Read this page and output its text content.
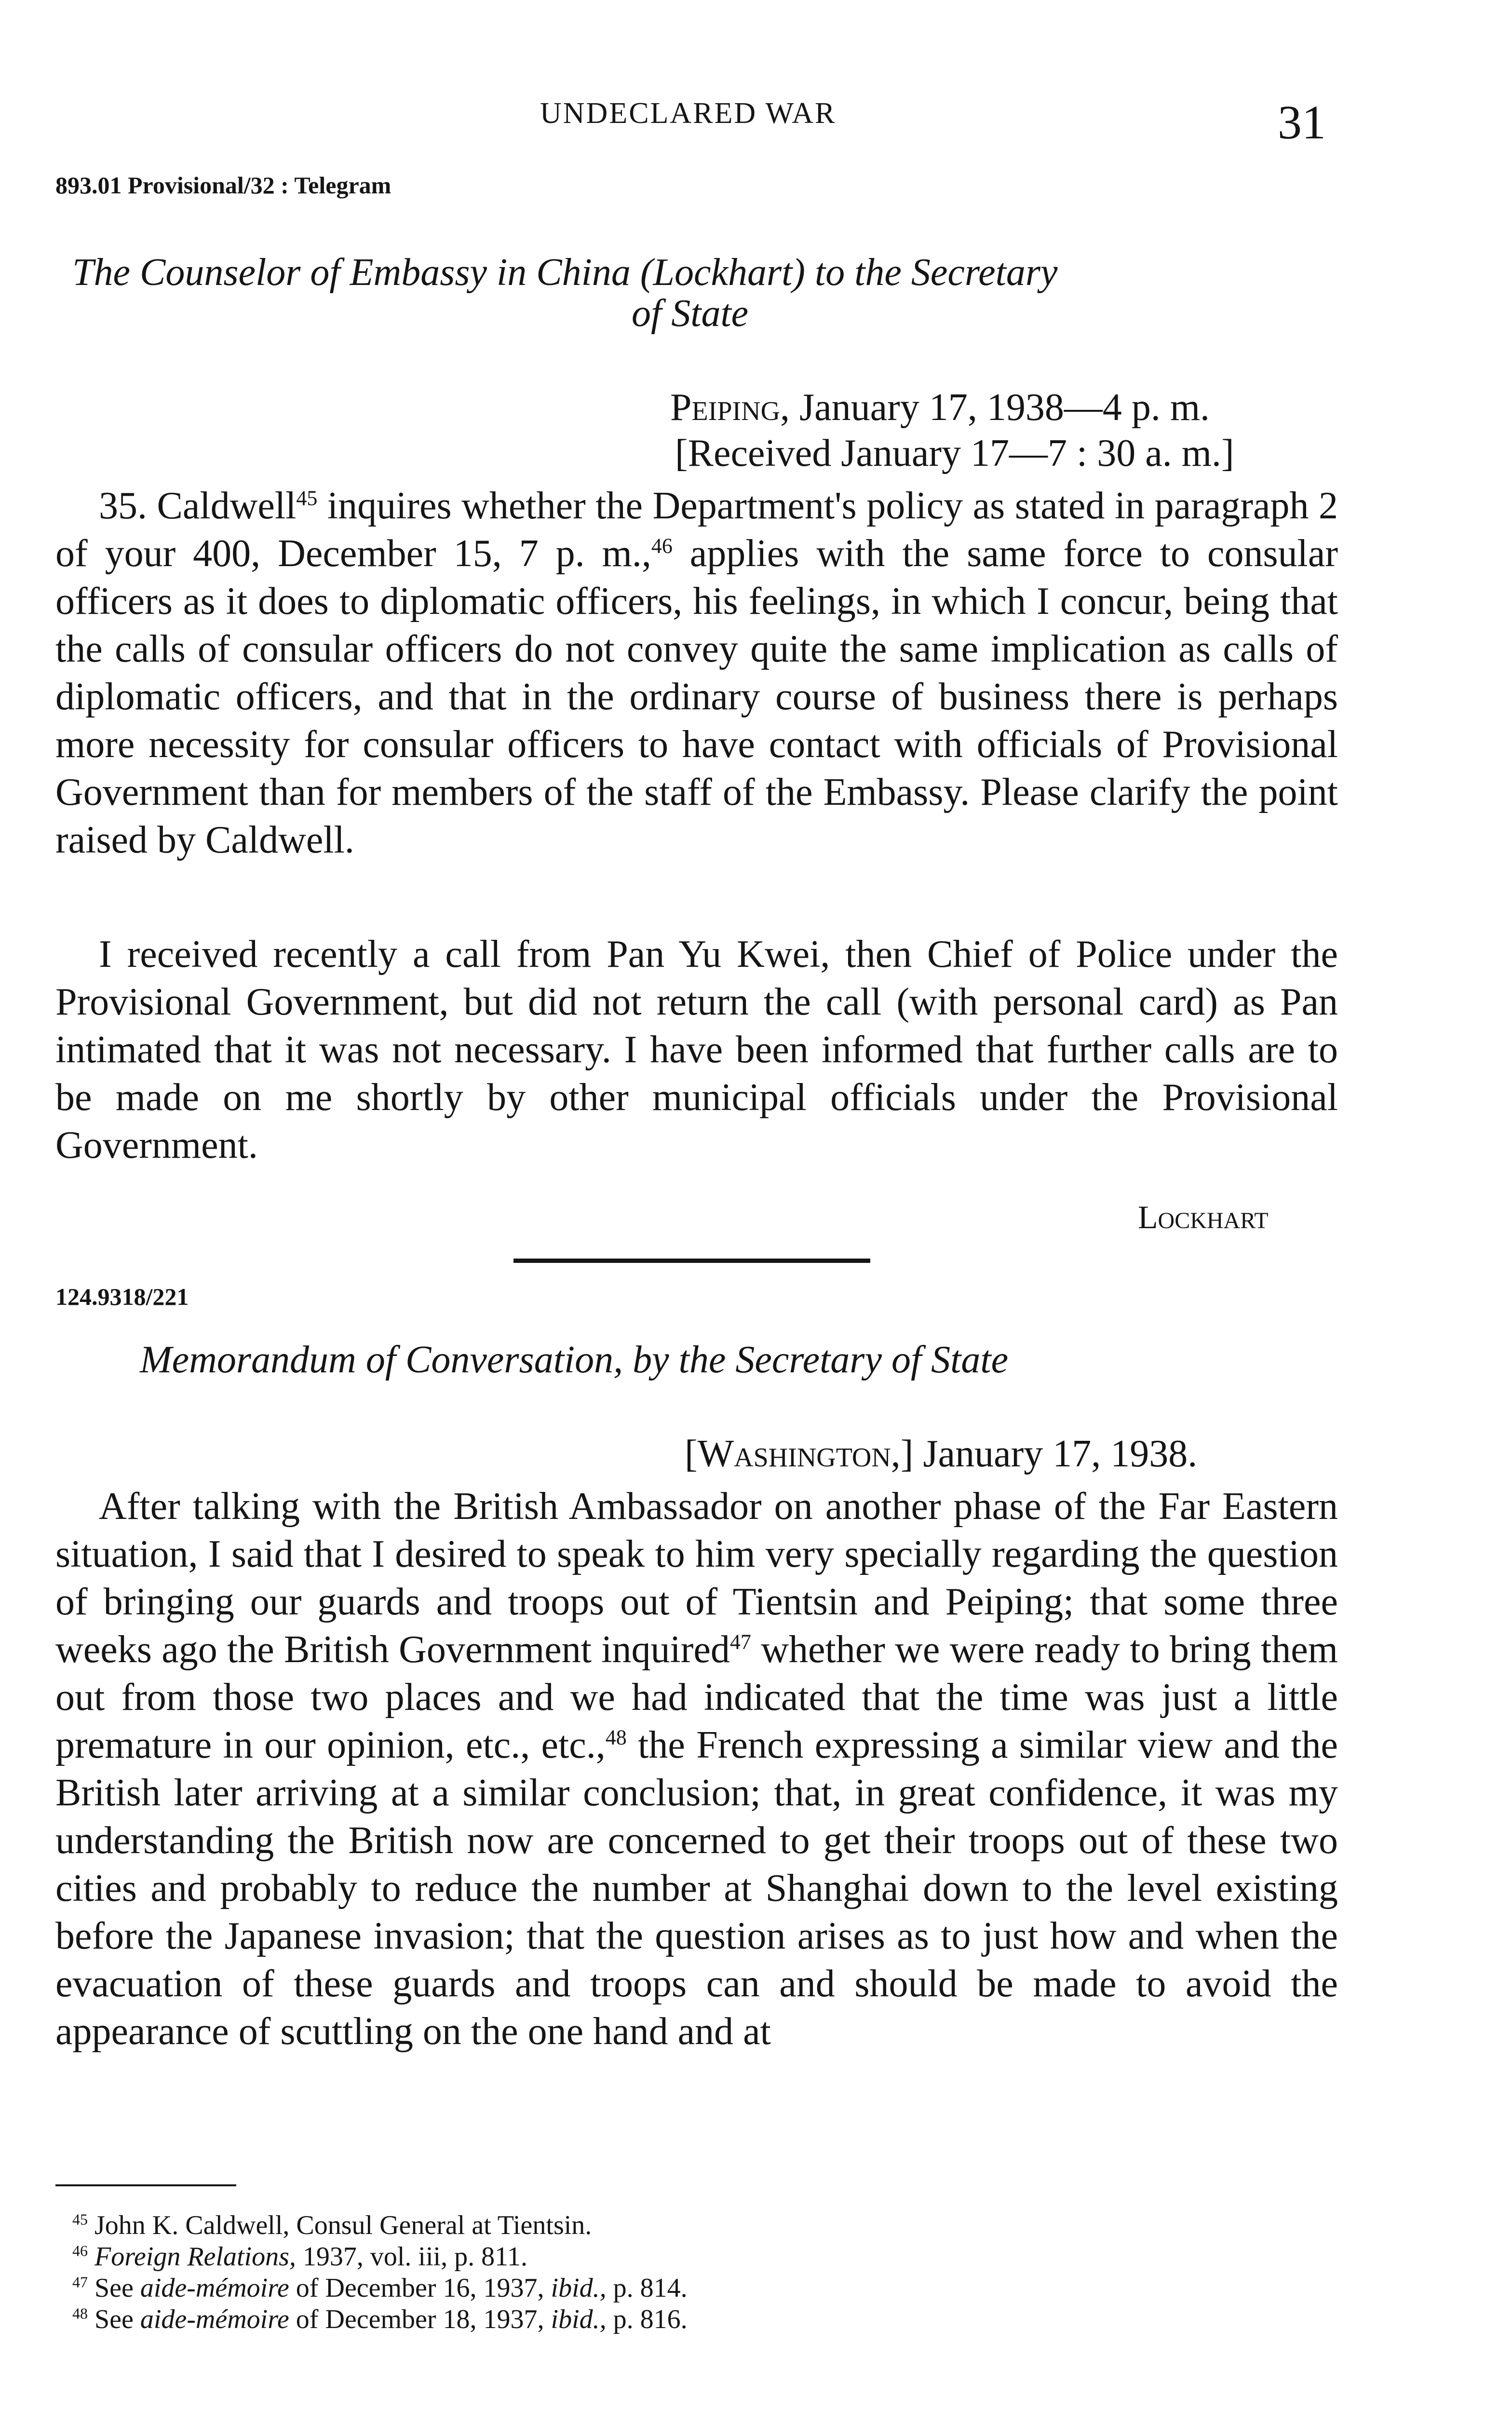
UNDECLARED WAR	31
893.01 Provisional/32 : Telegram
The Counselor of Embassy in China (Lockhart) to the Secretary
of State
Peiping, January 17, 1938—4 p. m.
[Received January 17—7 : 30 a. m.]
35. Caldwell$^{45}$ inquires whether the Department's policy as stated in paragraph 2 of your 400, December 15, 7 p. m.,$^{46}$ applies with the same force to consular officers as it does to diplomatic officers, his feelings, in which I concur, being that the calls of consular officers do not convey quite the same implication as calls of diplomatic officers, and that in the ordinary course of business there is perhaps more necessity for consular officers to have contact with officials of Provisional Government than for members of the staff of the Embassy. Please clarify the point raised by Caldwell.
I received recently a call from Pan Yu Kwei, then Chief of Police under the Provisional Government, but did not return the call (with personal card) as Pan intimated that it was not necessary. I have been informed that further calls are to be made on me shortly by other municipal officials under the Provisional Government.
Lockhart
124.9318/221
Memorandum of Conversation, by the Secretary of State
[Washington,] January 17, 1938.
After talking with the British Ambassador on another phase of the Far Eastern situation, I said that I desired to speak to him very specially regarding the question of bringing our guards and troops out of Tientsin and Peiping; that some three weeks ago the British Government inquired$^{47}$ whether we were ready to bring them out from those two places and we had indicated that the time was just a little premature in our opinion, etc., etc.,$^{48}$ the French expressing a similar view and the British later arriving at a similar conclusion; that, in great confidence, it was my understanding the British now are concerned to get their troops out of these two cities and probably to reduce the number at Shanghai down to the level existing before the Japanese invasion; that the question arises as to just how and when the evacuation of these guards and troops can and should be made to avoid the appearance of scuttling on the one hand and at
$^{45}$ John K. Caldwell, Consul General at Tientsin.
$^{46}$ Foreign Relations, 1937, vol. iii, p. 811.
$^{47}$ See aide-mémoire of December 16, 1937, ibid., p. 814.
$^{48}$ See aide-mémoire of December 18, 1937, ibid., p. 816.
